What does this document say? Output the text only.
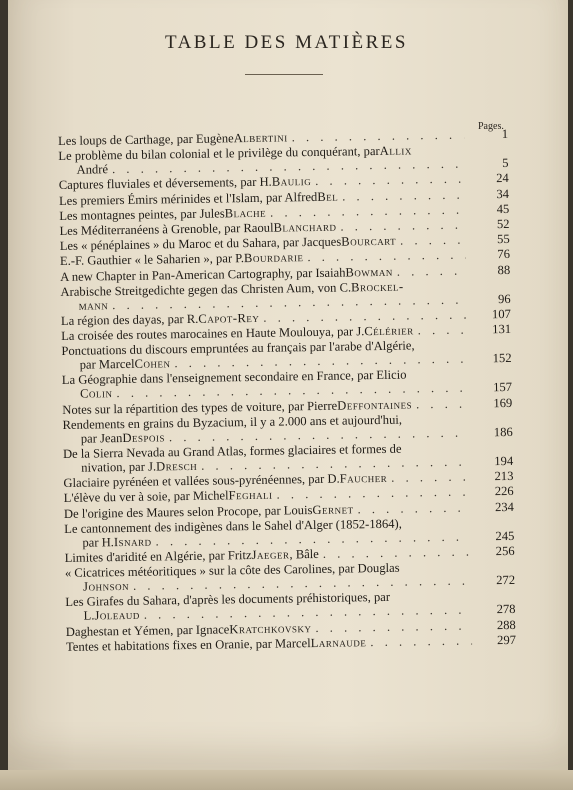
TABLE DES MATIÈRES
Pages.
Les loups de Carthage, par Eugène Albertini . . .	1
Le problème du bilan colonial et le privilège du conquérant, par Allix
André . . .	5
Captures fluviales et déversements, par H. Baulig . . .	24
Les premiers Émirs mérinides et l'Islam, par Alfred Bel . . .	34
Les montagnes peintes, par Jules Blache . . .	45
Les Méditerranéens à Grenoble, par Raoul Blanchard . . .	52
Les « pénéplaines » du Maroc et du Sahara, par Jacques Bourcart . . .	55
E.-F. Gauthier « le Saharien », par P. Bourdarie . . .	76
A new Chapter in Pan-American Cartography, par Isaiah Bowman . . .	88
Arabische Streitgedichte gegen das Christen Aum, von C. Brockel-
mann . . .	96
La région des dayas, par R. Capot-Rey . . .	107
La croisée des routes marocaines en Haute Moulouya, par J. Célérier . . .	131
Ponctuations du discours empruntées au français par l'arabe d'Algérie,
par Marcel Cohen . . .	152
La Géographie dans l'enseignement secondaire en France, par Elicio
Colin . . .	157
Notes sur la répartition des types de voiture, par Pierre Deffontaines . . .	169
Rendements en grains du Byzacium, il y a 2.000 ans et aujourd'hui,
par Jean Despois . . .	186
De la Sierra Nevada au Grand Atlas, formes glaciaires et formes de
nivation, par J. Dresch . . .	194
Glaciaire pyrénéen et vallées sous-pyrénéennes, par D. Faucher . . .	213
L'élève du ver à soie, par Michel Feghali . . .	226
De l'origine des Maures selon Procope, par Louis Gernet . . .	234
Le cantonnement des indigènes dans le Sahel d'Alger (1852-1864),
par H. Isnard . . .	245
Limites d'aridité en Algérie, par Fritz Jaeger , Bâle . . .	256
« Cicatrices météoritiques » sur la côte des Carolines, par Douglas
Johnson . . .	272
Les Girafes du Sahara, d'après les documents préhistoriques, par
L. Joleaud . . .	278
Daghestan et Yémen, par Ignace Kratchkovsky . . .	288
Tentes et habitations fixes en Oranie, par Marcel Larnaude . . .	297
